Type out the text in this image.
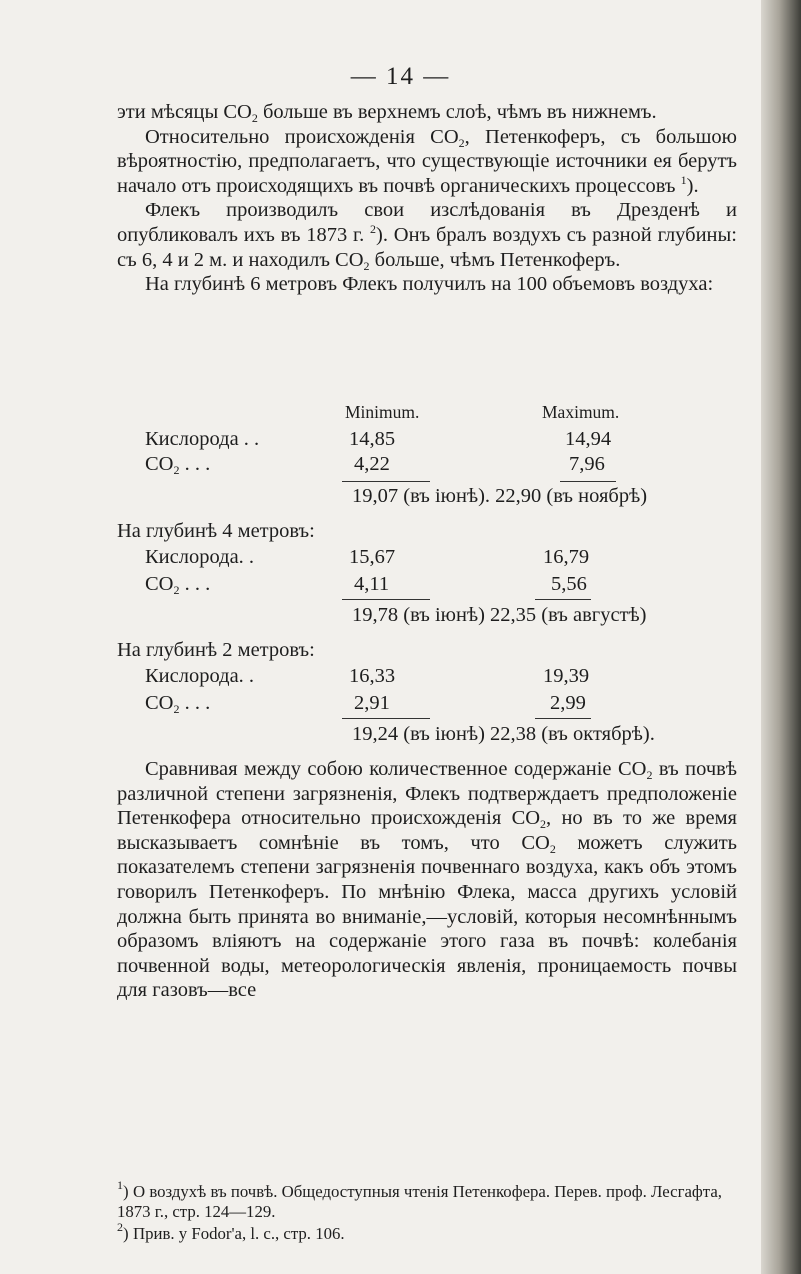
— 14 —

эти мѣсяцы $CO_2$ больше въ верхнемъ слоѣ, чѣмъ въ нижнемъ.

Относительно происхожденія $CO_2$, Петенкоферъ, съ большою вѣроятностію, предполагаетъ, что существующіе источники ея берутъ начало отъ происходящихъ въ почвѣ органическихъ процессовъ $^1$).

Флекъ производилъ свои изслѣдованія въ Дрезденѣ и опубликовалъ ихъ въ 1873 г. $^2$). Онъ бралъ воздухъ съ разной глубины: съ 6, 4 и 2 м. и находилъ $CO_2$ больше, чѣмъ Петенкоферъ.

На глубинѣ 6 метровъ Флекъ получилъ на 100 объемовъ воздуха:

Minimum.	Maximum.
Кислорода . .	14,85	14,94
$CO_2$ . . .	4,22	7,96
19,07 (въ іюнѣ). 22,90 (въ ноябрѣ)
На глубинѣ 4 метровъ:
Кислорода. .	15,67	16,79
$CO_2$ . . .	4,11	5,56
19,78 (въ іюнѣ) 22,35 (въ августѣ)
На глубинѣ 2 метровъ:
Кислорода. .	16,33	19,39
$CO_2$ . . .	2,91	2,99
19,24 (въ іюнѣ) 22,38 (въ октябрѣ).

Сравнивая между собою количественное содержаніе $CO_2$ въ почвѣ различной степени загрязненія, Флекъ подтверждаетъ предположеніе Петенкофера относительно происхожденія $CO_2$, но въ то же время высказываетъ сомнѣніе въ томъ, что $CO_2$ можетъ служить показателемъ степени загрязненія почвеннаго воздуха, какъ объ этомъ говорилъ Петенкоферъ. По мнѣнію Флека, масса другихъ условій должна быть принята во вниманіе,—условій, которыя несомнѣннымъ образомъ вліяютъ на содержаніе этого газа въ почвѣ: колебанія почвенной воды, метеорологическія явленія, проницаемость почвы для газовъ—все

$^1$) О воздухѣ въ почвѣ. Общедоступныя чтенія Петенкофера. Перев. проф. Лесгафта, 1873 г., стр. 124—129.
$^2$) Прив. у Fodor'a, l. c., стр. 106.
